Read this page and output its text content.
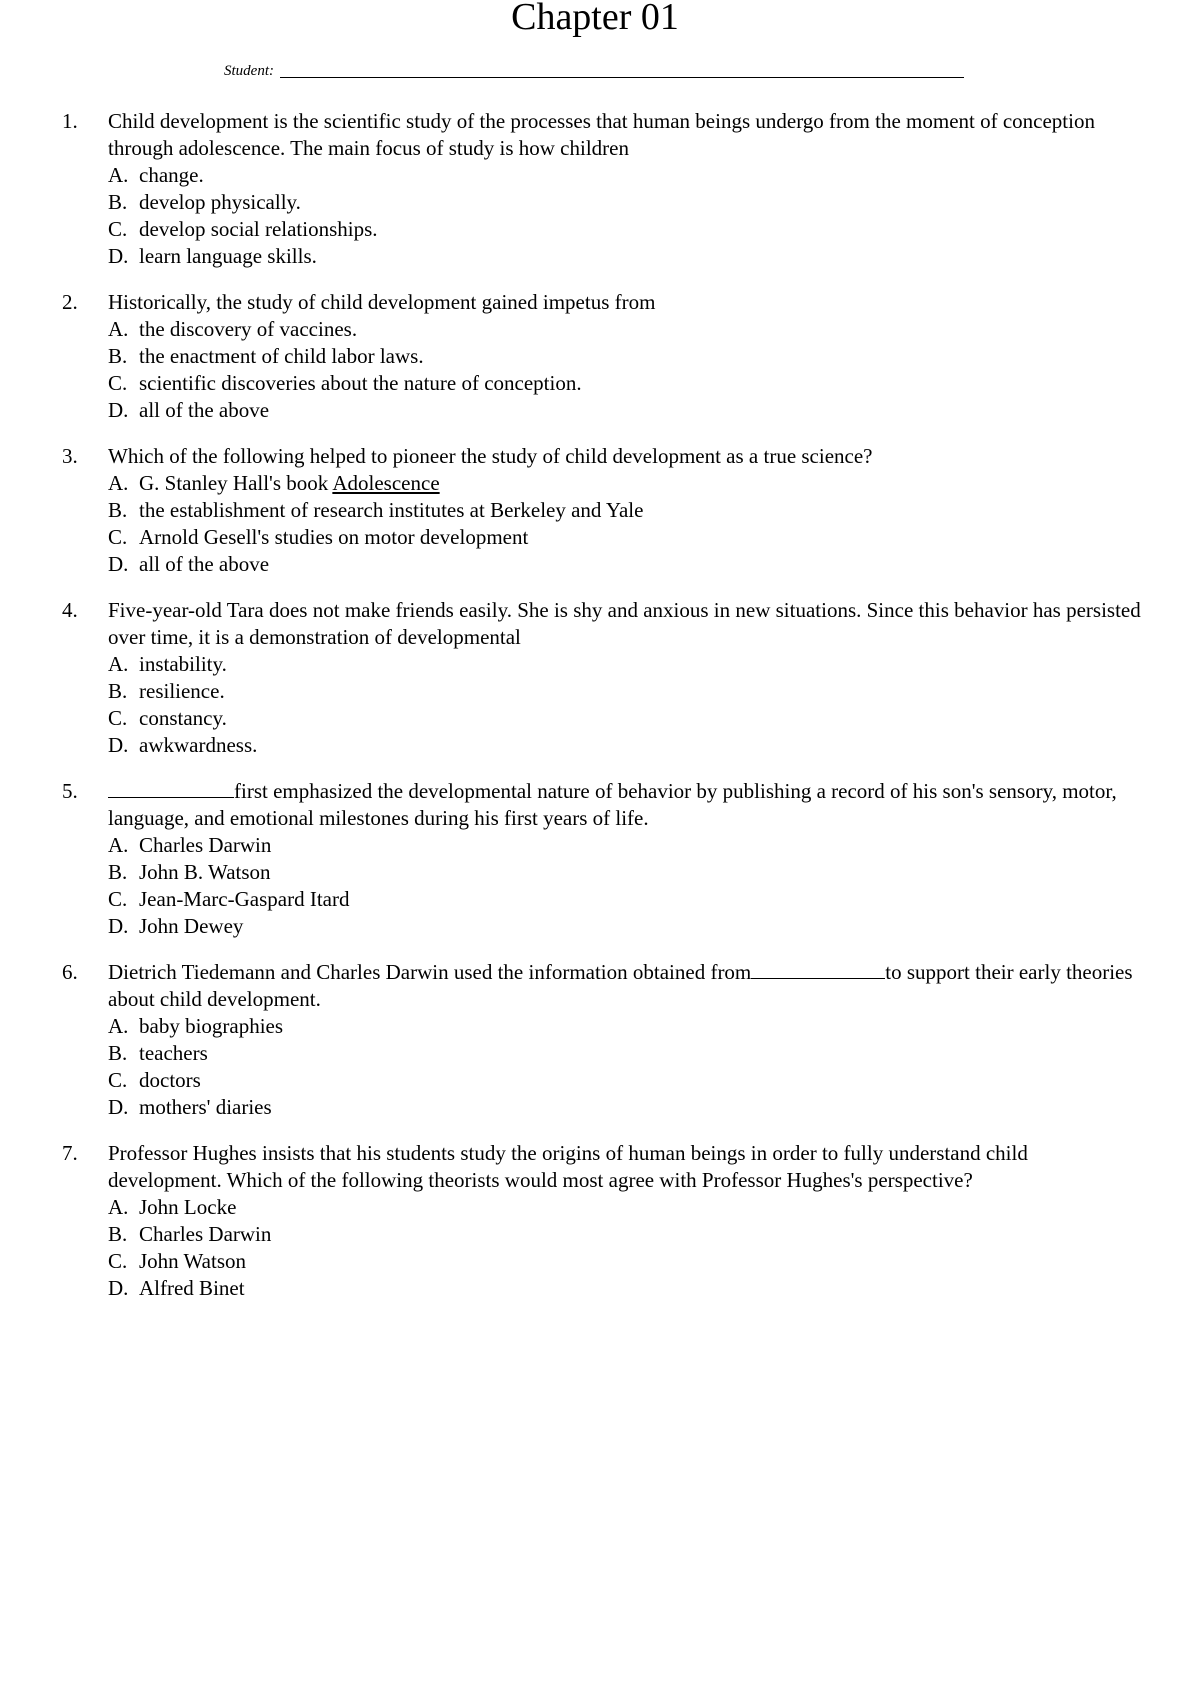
Chapter 01
Student:
1.	Child development is the scientific study of the processes that human beings undergo from the moment of conception through adolescence. The main focus of study is how children
A. change.
B. develop physically.
C. develop social relationships.
D. learn language skills.
2.	Historically, the study of child development gained impetus from
A. the discovery of vaccines.
B. the enactment of child labor laws.
C. scientific discoveries about the nature of conception.
D. all of the above
3.	Which of the following helped to pioneer the study of child development as a true science?
A. G. Stanley Hall's book Adolescence
B. the establishment of research institutes at Berkeley and Yale
C. Arnold Gesell's studies on motor development
D. all of the above
4.	Five-year-old Tara does not make friends easily. She is shy and anxious in new situations. Since this behavior has persisted over time, it is a demonstration of developmental
A. instability.
B. resilience.
C. constancy.
D. awkwardness.
5.	first emphasized the developmental nature of behavior by publishing a record of his son's sensory, motor, language, and emotional milestones during his first years of life.
A. Charles Darwin
B. John B. Watson
C. Jean-Marc-Gaspard Itard
D. John Dewey
6.	Dietrich Tiedemann and Charles Darwin used the information obtained from	to support their early theories about child development.
A. baby biographies
B. teachers
C. doctors
D. mothers' diaries
7.	Professor Hughes insists that his students study the origins of human beings in order to fully understand child development. Which of the following theorists would most agree with Professor Hughes's perspective?
A. John Locke
B. Charles Darwin
C. John Watson
D. Alfred Binet
